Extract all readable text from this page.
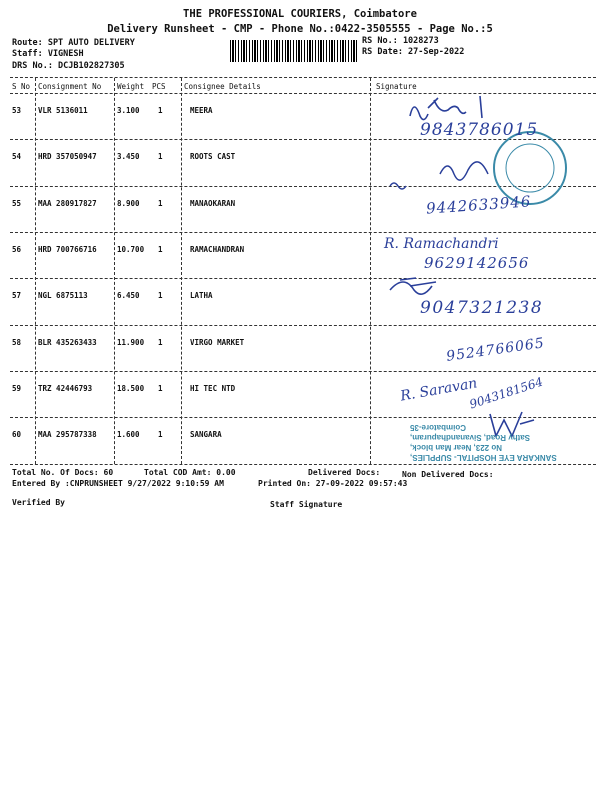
THE PROFESSIONAL COURIERS, Coimbatore
Delivery Runsheet - CMP - Phone No.:0422-3505555 - Page No.:5
Route: SPT AUTO DELIVERY
Staff: VIGNESH
DRS No.: DCJB102827305
RS No.: 1028273
RS Date: 27-Sep-2022
S No Consignment No Weight PCS Consignee Details	Signature
53 VLR 5136011	3.100 1	MEERA
54 HRD 357050947	3.450 1	ROOTS CAST
55 MAA 280917827	8.900 1	MANAOKARAN
56 HRD 700766716	10.700 1	RAMACHANDRAN
57 NGL 6875113	6.450 1	LATHA
58 BLR 435263433	11.900 1	VIRGO MARKET
59 TRZ 42446793	18.500 1	HI TEC NTD
60 MAA 295787338	1.600 1	SANGARA
9843786015
9442633946
R. Ramachandri
9629142656
9047321238
9524766065
R. Saravan
9043181564
SANKARA EYE HOSPITAL- SUPPLIES,
No 223, Near Man block,
Sathy Road, Sivanandhapuram,
Coimbatore-35
Total No. Of Docs: 60	Total COD Amt: 0.00	Delivered Docs:	Non Delivered Docs:
Entered By :CNPRUNSHEET 9/27/2022 9:10:59 AM	Printed On: 27-09-2022 09:57:43
Verified By	Staff Signature
